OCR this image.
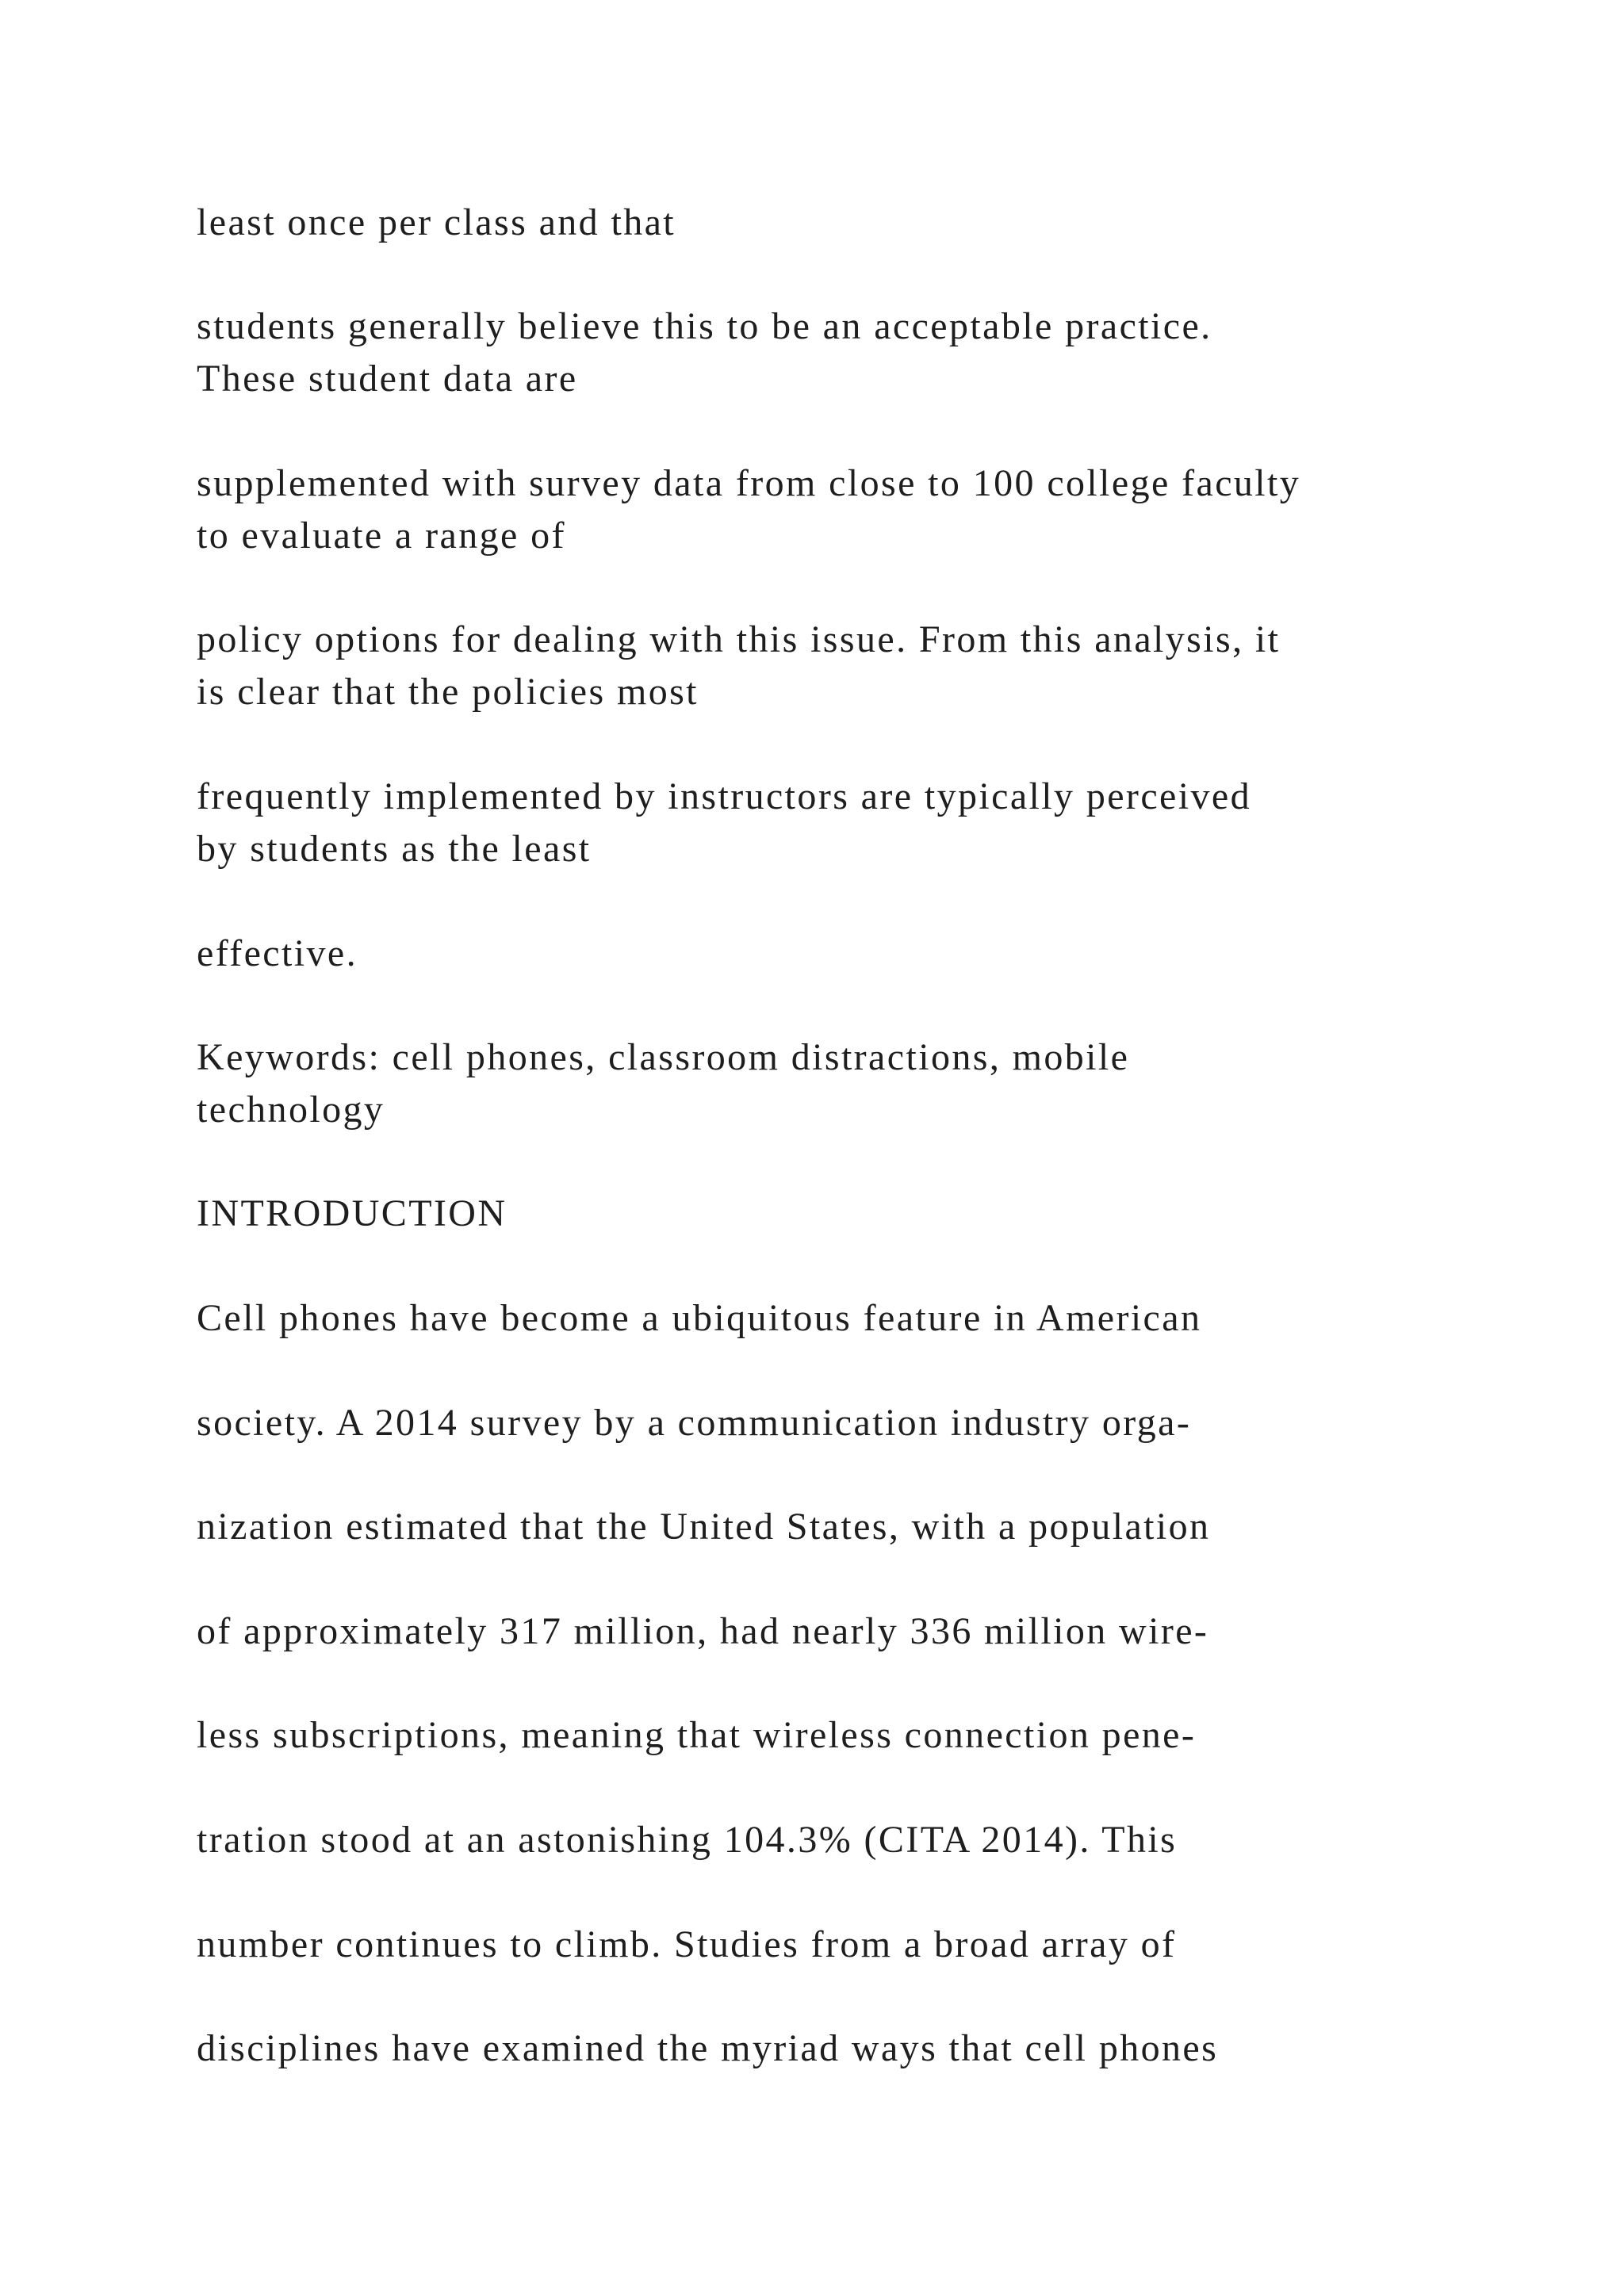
least once per class and that

students generally believe this to be an acceptable practice.

These student data are

supplemented with survey data from close to 100 college faculty

to evaluate a range of

policy options for dealing with this issue. From this analysis, it

is clear that the policies most

frequently implemented by instructors are typically perceived

by students as the least

effective.

Keywords: cell phones, classroom distractions, mobile

technology

INTRODUCTION

Cell phones have become a ubiquitous feature in American

society. A 2014 survey by a communication industry orga-

nization estimated that the United States, with a population

of approximately 317 million, had nearly 336 million wire-

less subscriptions, meaning that wireless connection pene-

tration stood at an astonishing 104.3% (CITA 2014). This

number continues to climb. Studies from a broad array of

disciplines have examined the myriad ways that cell phones
